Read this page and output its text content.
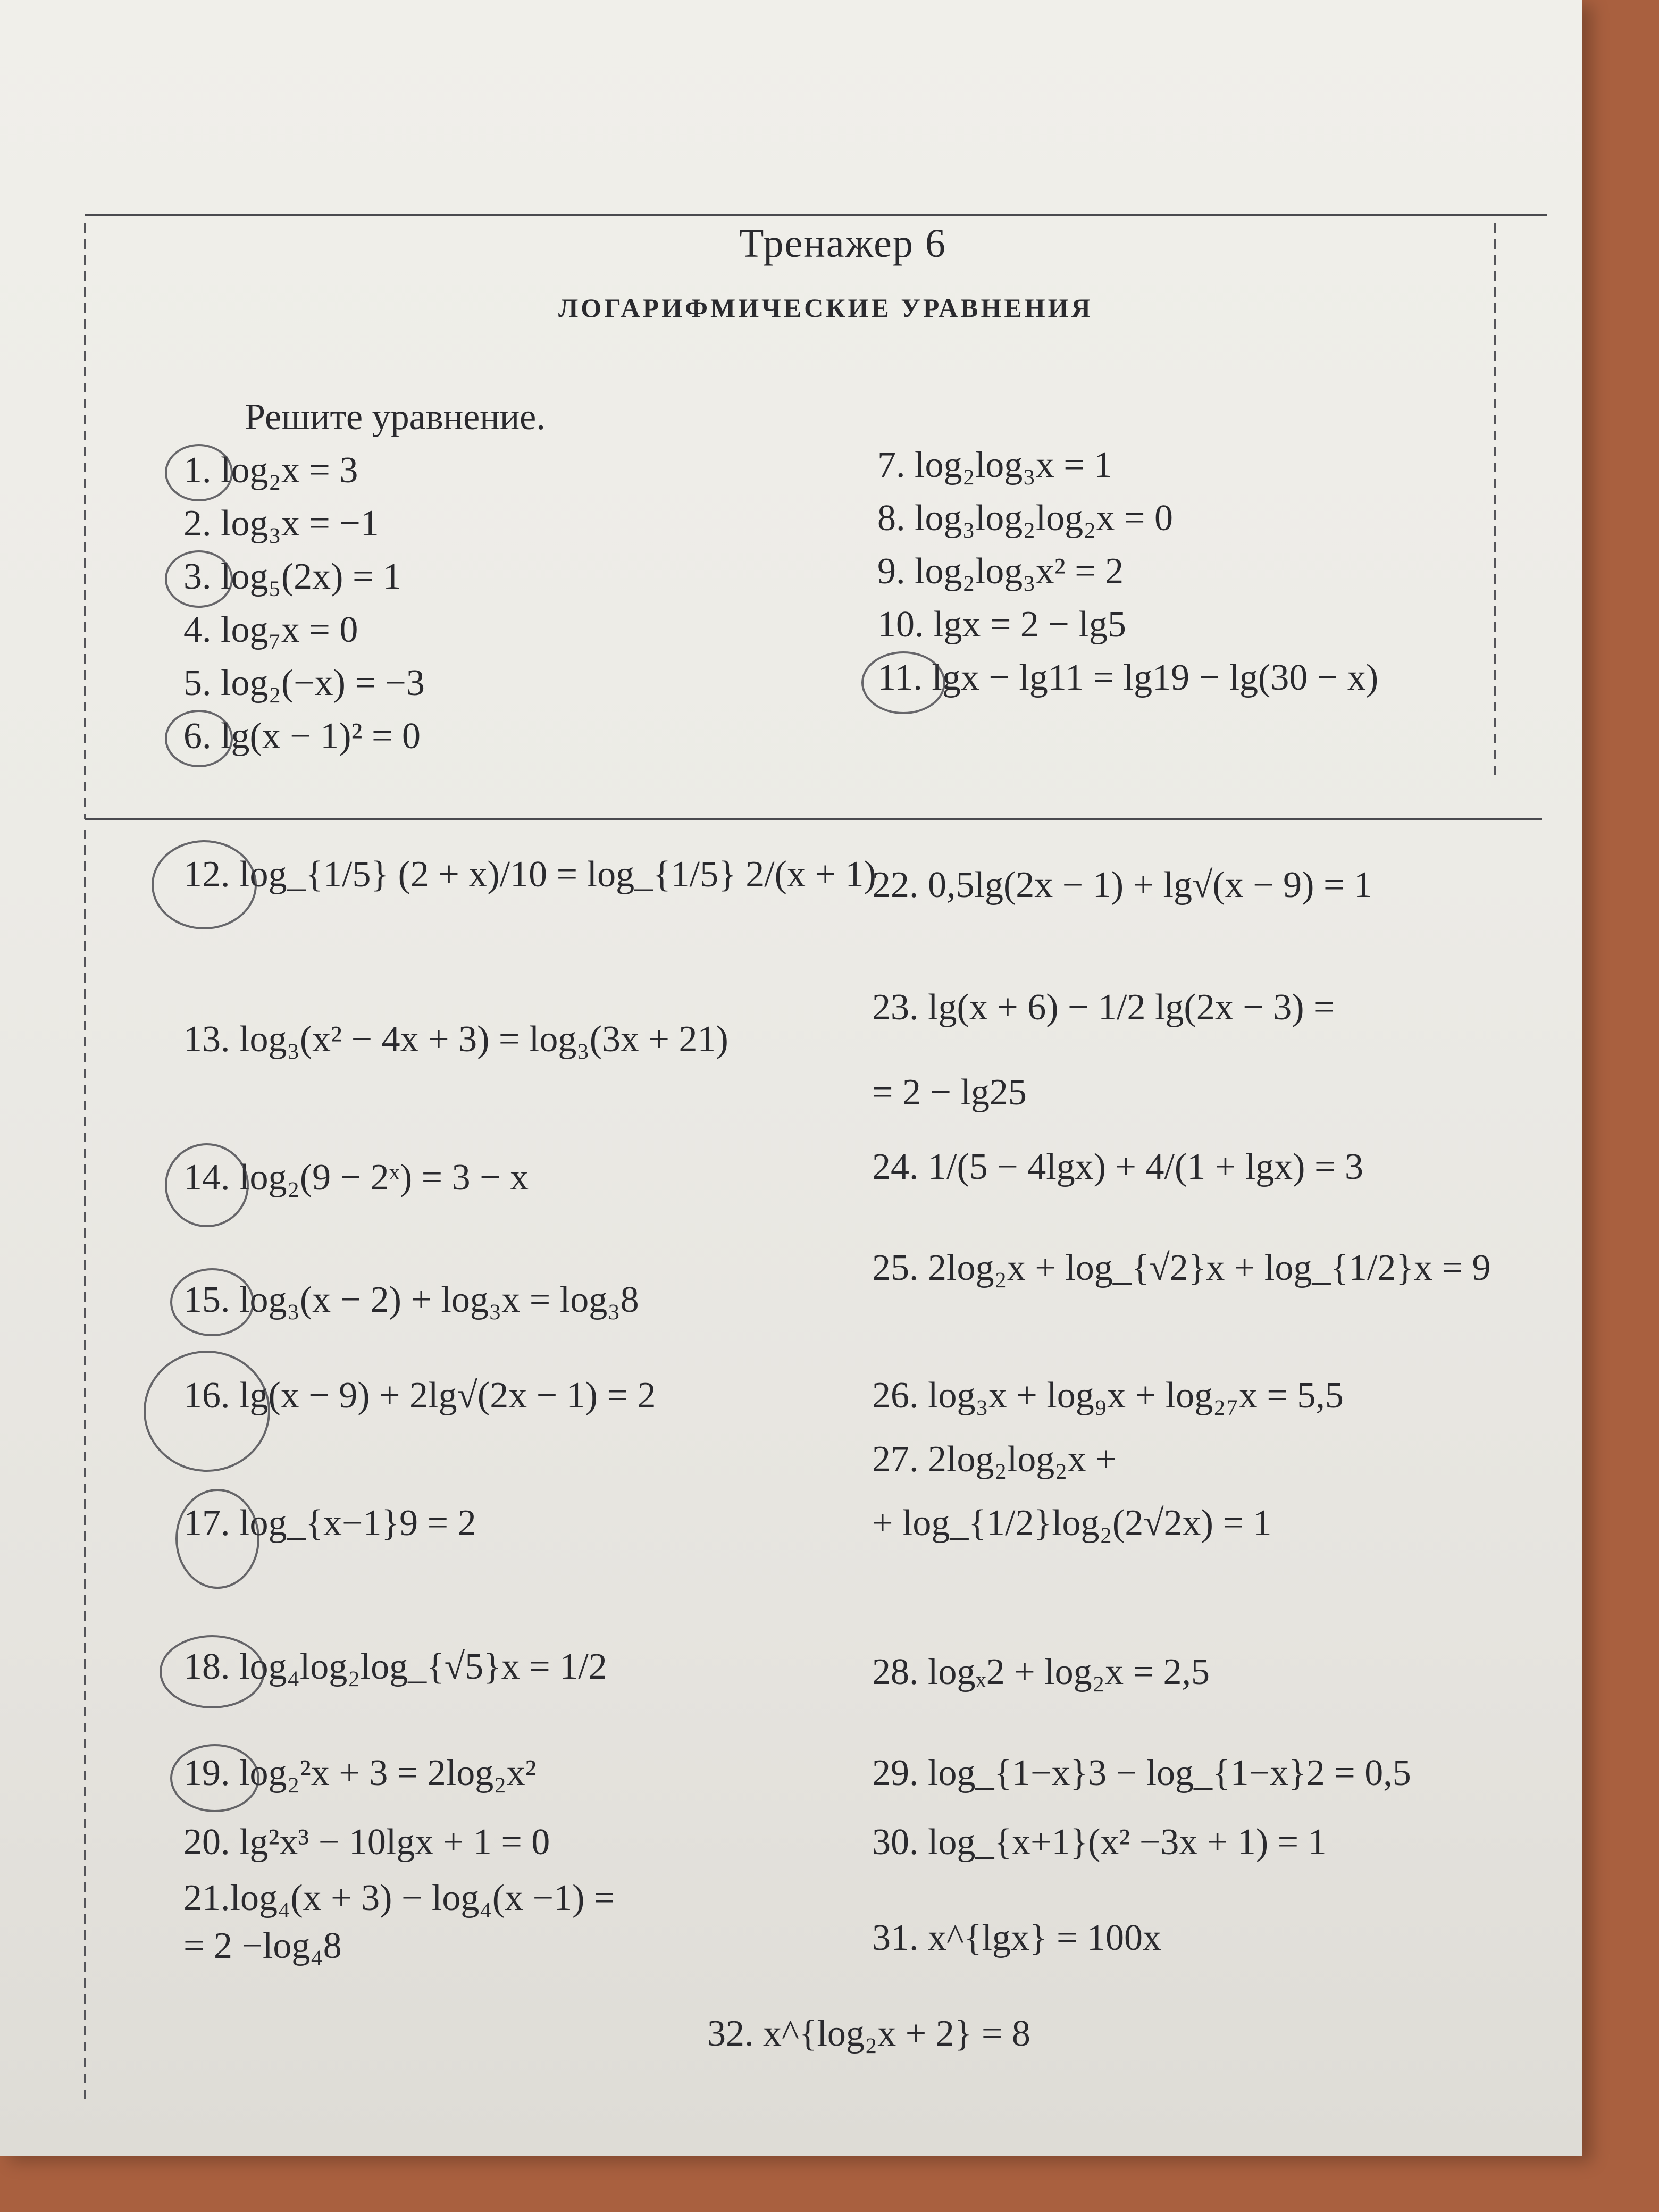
Тренажер 6
ЛОГАРИФМИЧЕСКИЕ УРАВНЕНИЯ
Решите уравнение.
1. log₂x = 3
2. log₃x = −1
3. log₅(2x) = 1
4. log₇x = 0
5. log₂(−x) = −3
6. lg(x − 1)² = 0
7. log₂log₃x = 1
8. log₃log₂log₂x = 0
9. log₂log₃x² = 2
10. lgx = 2 − lg5
11. lgx − lg11 = lg19 − lg(30 − x)
12. log_{1/5} (2 + x)/10 = log_{1/5} 2/(x + 1)
13. log₃(x² − 4x + 3) = log₃(3x + 21)
14. log₂(9 − 2ˣ) = 3 − x
15. log₃(x − 2) + log₃x = log₃8
16. lg(x − 9) + 2lg√(2x − 1) = 2
17. log_{x−1}9 = 2
18. log₄log₂log_{√5}x = 1/2
19. log₂²x + 3 = 2log₂x²
20. lg²x³ − 10lgx + 1 = 0
21.log₄(x + 3) − log₄(x −1) =
= 2 −log₄8
22. 0,5lg(2x − 1) + lg√(x − 9) = 1
23. lg(x + 6) − 1/2 lg(2x − 3) =
= 2 − lg25
24. 1/(5 − 4lgx) + 4/(1 + lgx) = 3
25. 2log₂x + log_{√2}x + log_{1/2}x = 9
26. log₃x + log₉x + log₂₇x = 5,5
27. 2log₂log₂x +
+ log_{1/2}log₂(2√2x) = 1
28. logₓ2 + log₂x = 2,5
29. log_{1−x}3 − log_{1−x}2 = 0,5
30. log_{x+1}(x² −3x + 1) = 1
31. x^{lgx} = 100x
32. x^{log₂x + 2} = 8
